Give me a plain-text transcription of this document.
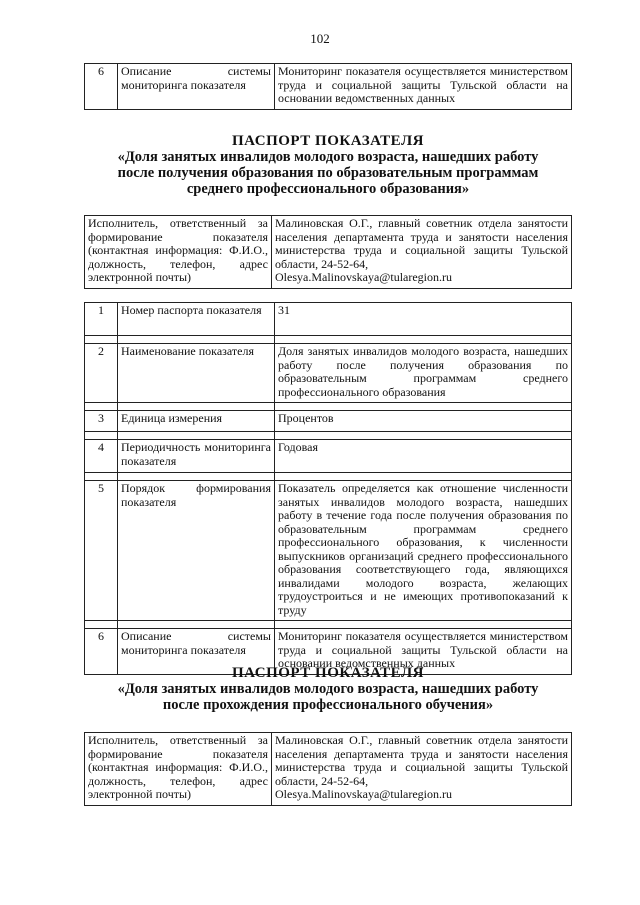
102
6	Описание системы мониторинга показателя	Мониторинг показателя осуществляется министерством труда и социальной защиты Тульской области на основании ведомственных данных
ПАСПОРТ ПОКАЗАТЕЛЯ
«Доля занятых инвалидов молодого возраста, нашедших работу
после получения образования по образовательным программам
среднего профессионального образования»
Исполнитель, ответственный за формирование показателя (контактная информация: Ф.И.О., должность, телефон, адрес электронной почты)	Малиновская О.Г., главный советник отдела занятости населения департамента труда и занятости населения министерства труда и социальной защиты Тульской области, 24-52-64,
Olesya.Malinovskaya@tularegion.ru
1	Номер паспорта показателя	31

2	Наименование показателя	Доля занятых инвалидов молодого возраста, нашедших работу после получения образования по образовательным программам среднего профессионального образования

3	Единица измерения	Процентов

4	Периодичность мониторинга показателя	Годовая

5	Порядок формирования показателя	Показатель определяется как отношение численности занятых инвалидов молодого возраста, нашедших работу в течение года после получения образования по образовательным программам среднего профессионального образования, к численности выпускников организаций среднего профессионального образования соответствующего года, являющихся инвалидами молодого возраста, желающих трудоустроиться и не имеющих противопоказаний к труду

6	Описание системы мониторинга показателя	Мониторинг показателя осуществляется министерством труда и социальной защиты Тульской области на основании ведомственных данных
ПАСПОРТ ПОКАЗАТЕЛЯ
«Доля занятых инвалидов молодого возраста, нашедших работу
после прохождения профессионального обучения»
Исполнитель, ответственный за формирование показателя (контактная информация: Ф.И.О., должность, телефон, адрес электронной почты)	Малиновская О.Г., главный советник отдела занятости населения департамента труда и занятости населения министерства труда и социальной защиты Тульской области, 24-52-64,
Olesya.Malinovskaya@tularegion.ru
